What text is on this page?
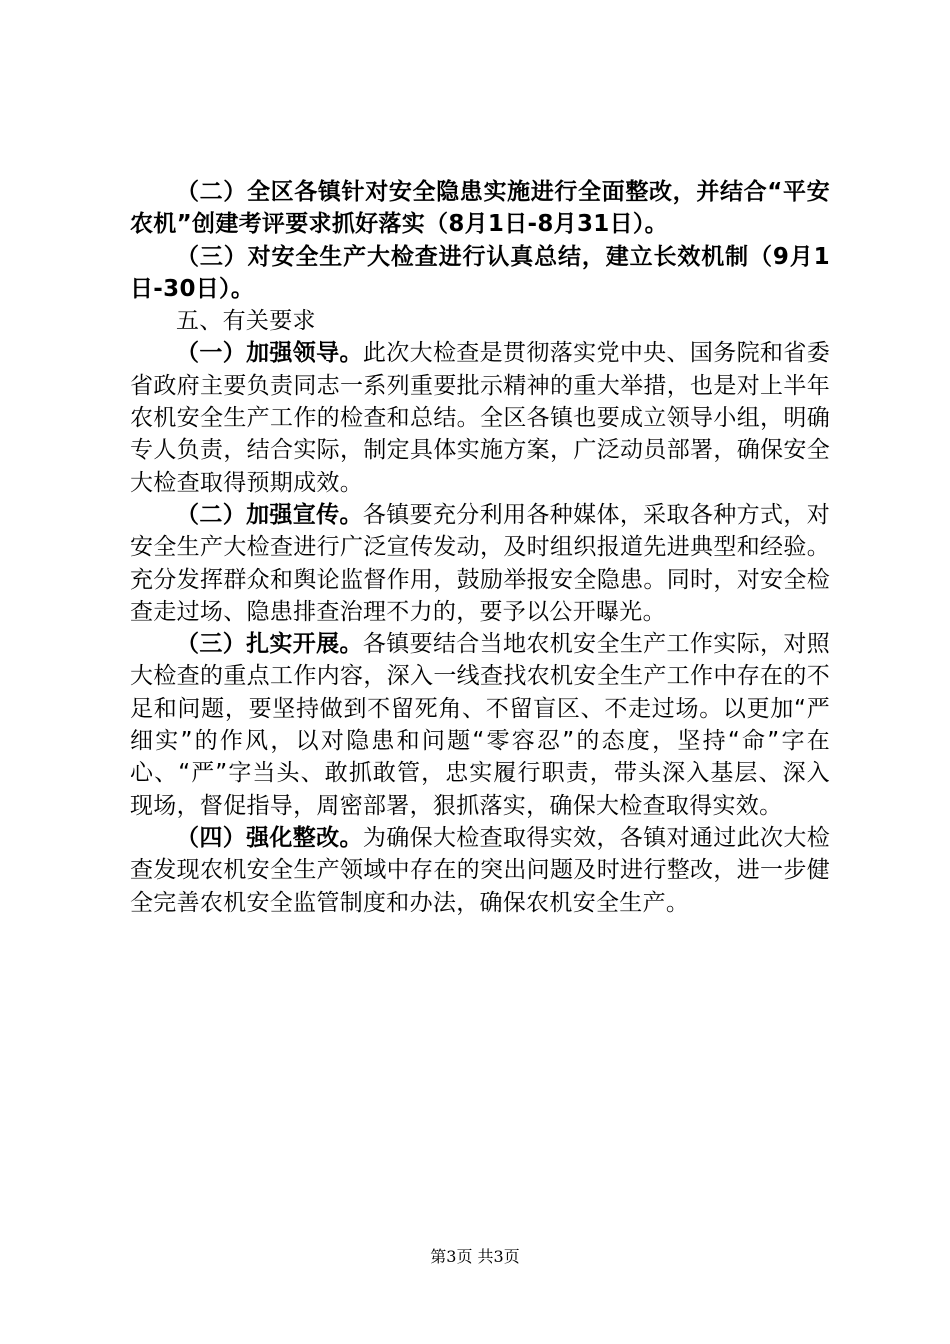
（二）全区各镇针对安全隐患实施进行全面整改，并结合“平安农机”创建考评要求抓好落实（8月1日-8月31日）。

（三）对安全生产大检查进行认真总结，建立长效机制（9月1日-30日）。

五、有关要求

（一）加强领导。此次大检查是贯彻落实党中央、国务院和省委省政府主要负责同志一系列重要批示精神的重大举措，也是对上半年农机安全生产工作的检查和总结。全区各镇也要成立领导小组，明确专人负责，结合实际，制定具体实施方案，广泛动员部署，确保安全大检查取得预期成效。

（二）加强宣传。各镇要充分利用各种媒体，采取各种方式，对安全生产大检查进行广泛宣传发动，及时组织报道先进典型和经验。充分发挥群众和舆论监督作用，鼓励举报安全隐患。同时，对安全检查走过场、隐患排查治理不力的，要予以公开曝光。

（三）扎实开展。各镇要结合当地农机安全生产工作实际，对照大检查的重点工作内容，深入一线查找农机安全生产工作中存在的不足和问题，要坚持做到不留死角、不留盲区、不走过场。以更加“严细实”的作风，以对隐患和问题“零容忍”的态度，坚持“命”字在心、“严”字当头、敢抓敢管，忠实履行职责，带头深入基层、深入现场，督促指导，周密部署，狠抓落实，确保大检查取得实效。

（四）强化整改。为确保大检查取得实效，各镇对通过此次大检查发现农机安全生产领域中存在的突出问题及时进行整改，进一步健全完善农机安全监管制度和办法，确保农机安全生产。

第3页 共3页
